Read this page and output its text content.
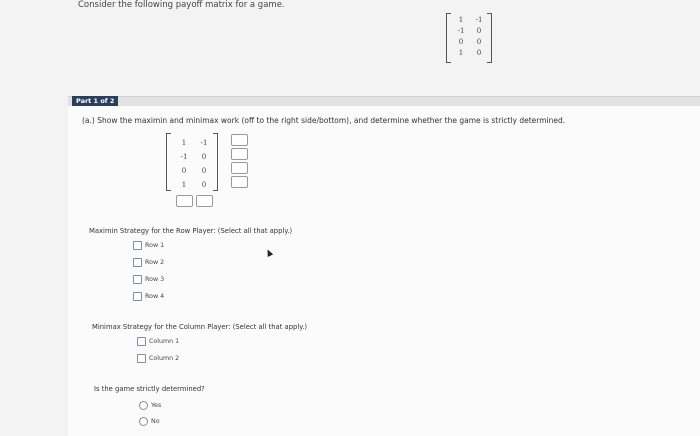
Consider the following payoff matrix for a game.
1	-1
-1	0
0	0
1	0
Part 1 of 2
(a.) Show the maximin and minimax work (off to the right side/bottom), and determine whether the game is strictly determined.
1	-1
-1	0
0	0
1	0
Maximin Strategy for the Row Player: (Select all that apply.)
Row 1
Row 2
Row 3
Row 4
Minimax Strategy for the Column Player: (Select all that apply.)
Column 1
Column 2
Is the game strictly determined?
Yes
No
